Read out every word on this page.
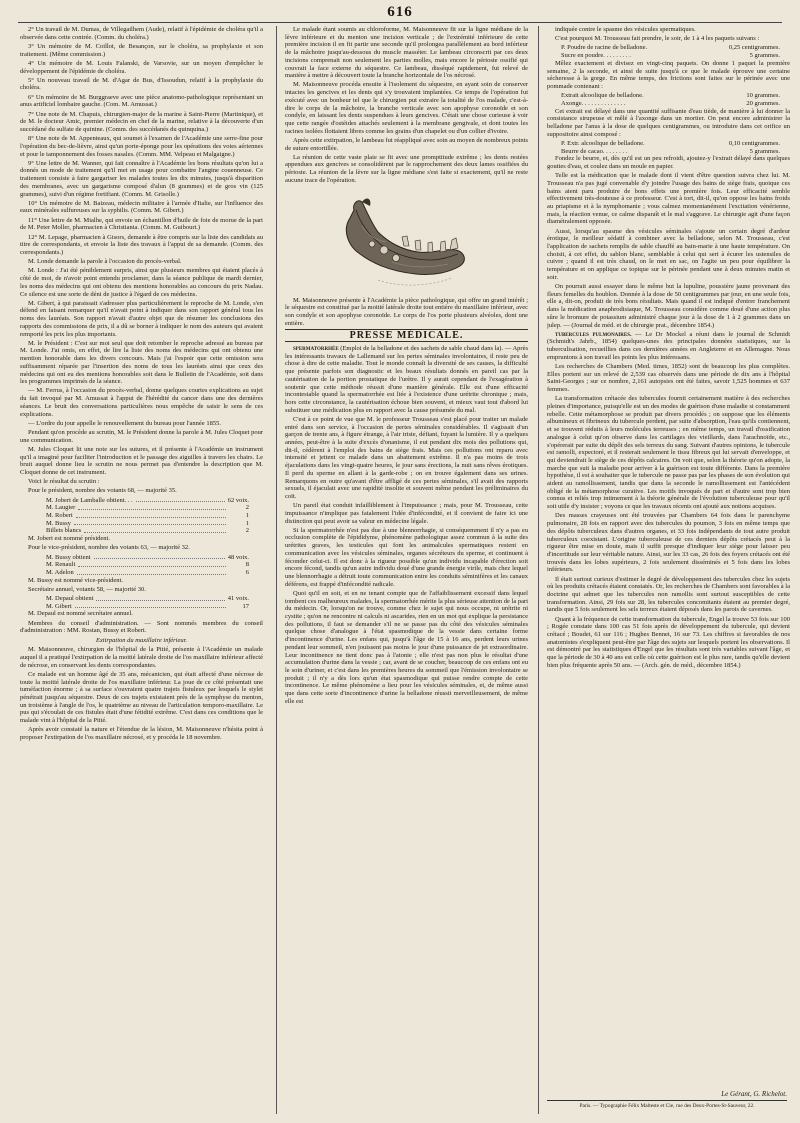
616

2° Un travail de M. Dumas, de Villegailhem (Aude), relatif à l'épidémie de choléra qu'il a observée dans cette contrée. (Comm. du choléra.)

3° Un mémoire de M. Coillot, de Besançon, sur le choléra, sa prophylaxie et son traitement. (Même commission.)

4° Un mémoire de M. Louis Falanski, de Varsovie, sur un moyen d'empêcher le développement de l'épidémie de choléra.

5° Un nouveau travail de M. d'Agar de Bus, d'Issoudun, relatif à la prophylaxie du choléra.

6° Un mémoire de M. Burggraeve avec une pièce anatomo-pathologique représentant un anus artificiel lombaire gauche. (Com. M. Amussat.)

7° Une note de M. Chapuis, chirurgien-major de la marine à Saint-Pierre (Martinique), et de M. le docteur Amic, premier médecin en chef de la marine, relative à la découverte d'un succédané du sulfate de quinine. (Comm. des succédanés du quinquina.)

8° Une note de M. Appenteaux, qui soumet à l'examen de l'Académie une serre-fine pour l'opération du bec-de-lièvre, ainsi qu'un porte-éponge pour les opérations des voies aériennes et pour le tamponnement des fosses nasales. (Comm. MM. Velpeau et Malgaigne.)

9° Une lettre de M. Wanner, qui fait connaître à l'Académie les bons résultats qu'on lui a donnés un mode de traitement qu'il met en usage pour combattre l'angine couenneuse. Ce traitement consiste à faire gargariser les malades toutes les dix minutes, jusqu'à disparition des membranes, avec un gargarisme composé d'alun (8 grammes) et de gros vin (125 grammes), suivi d'un régime fortifiant. (Comm. M. Grisolle.)

10° Un mémoire de M. Baizeau, médecin militaire à l'armée d'Italie, sur l'influence des eaux minérales sulfureuses sur la syphilis. (Comm. M. Gibert.)

11° Une lettre de M. Mialhe, qui envoie un échantillon d'huile de foie de morue de la part de M. Peter Moller, pharmacien à Christiania. (Comm. M. Guibourt.)

12° M. Lepage, pharmacien à Gisors, demande à être compris sur la liste des candidats au titre de correspondants, et envoie la liste des travaux à l'appui de sa demande. (Comm. des correspondants.)

M. Londe demande la parole à l'occasion du procès-verbal.

M. Londe : J'ai été péniblement surpris, ainsi que plusieurs membres qui étaient placés à côté de moi, de n'avoir point entendu proclamer, dans la séance publique de mardi dernier, les noms des médecins qui ont obtenu des mentions honorables au concours du prix Nadau. Ce silence est une sorte de déni de justice à l'égard de ces médecins.

M. Gibert, à qui paraissait s'adresser plus particulièrement le reproche de M. Londe, s'en défend en faisant remarquer qu'il n'avait point à indiquer dans son rapport général tous les noms des lauréats. Son rapport n'avait d'autre objet que de résumer les conclusions des rapports des commissions de prix, il a dû se borner à indiquer le nom des auteurs qui avaient remporté les prix les plus importants.

M. le Président : C'est sur moi seul que doit retomber le reproche adressé au bureau par M. Londe. J'ai omis, en effet, de lire la liste des noms des médecins qui ont obtenu une mention honorable dans les divers concours. Mais j'ai l'espoir que cette omission sera suffisamment réparée par l'insertion des noms de tous les lauréats ainsi que ceux des médecins qui ont eu des mentions honorables soit dans le Bulletin de l'Académie, soit dans les programmes imprimés de la séance.

— M. Ferrus, à l'occasion du procès-verbal, donne quelques courtes explications au sujet du fait invoqué par M. Amussat à l'appui de l'hérédité du cancer dans une des dernières séances. Le bruit des conversations particulières nous empêche de saisir le sens de ces explications.

— L'ordre du jour appelle le renouvellement du bureau pour l'année 1855.

Pendant qu'on procède au scrutin, M. le Président donne la parole à M. Jules Cloquet pour une communication.

M. Jules Cloquet lit une note sur les sutures, et il présente à l'Académie un instrument qu'il a imaginé pour faciliter l'introduction et le passage des aiguilles à travers les chairs. Le bruit auquel donne lieu le scrutin ne nous permet pas d'entendre la description que M. Cloquet donne de cet instrument.

Voici le résultat du scrutin :

Pour le président, nombre des votants 68, — majorité 35.

M. Jobert de Lamballe obtient. . .	62 voix.
M. Laugier	2
M. Robert	1
M. Bussy	1
Billets blancs	2

M. Jobert est nommé président.

Pour le vice-président, nombre des votants 63, — majorité 32.

M. Bussy obtient	48 voix.
M. Renault	8
M. Adelon	6

M. Bussy est nommé vice-président.

Secrétaire annuel, votants 58, — majorité 30.

M. Depaul obtient	41 voix.
M. Gibert	17

M. Depaul est nommé secrétaire annuel.

Membres du conseil d'administration. — Sont nommés membres du conseil d'administration : MM. Rostan, Bussy et Robert.

Extirpation du maxillaire inférieur.

M. Maisonneuve, chirurgien de l'hôpital de la Pitié, présente à l'Académie un malade auquel il a pratiqué l'extirpation de la moitié latérale droite de l'os maxillaire inférieur affecté de nécrose, en conservant les dents correspondantes.

Ce malade est un homme âgé de 35 ans, mécanicien, qui était affecté d'une nécrose de toute la moitié latérale droite de l'os maxillaire inférieur. La joue de ce côté présentait une tuméfaction énorme ; à sa surface s'ouvraient quatre trajets fistuleux par lesquels le stylet pénétrait jusqu'au séquestre. Deux de ces trajets existaient près de la symphyse du menton, un troisième à l'angle de l'os, le quatrième au niveau de l'articulation temporo-maxillaire. Le pus qui s'écoulait de ces fistules était d'une fétidité extrême. C'est dans ces conditions que le malade vint à l'hôpital de la Pitié.

Après avoir constaté la nature et l'étendue de la lésion, M. Maisonneuve n'hésita point à proposer l'extirpation de l'os maxillaire nécrosé, et y procéda le 18 novembre.

Le malade étant soumis au chloroforme, M. Maisonneuve fit sur la ligne médiane de la lèvre inférieure et du menton une incision verticale ; de l'extrémité inférieure de cette première incision il en fit partir une seconde qu'il prolongea parallèlement au bord inférieur de la mâchoire jusqu'au-dessous du muscle masséter. Le lambeau circonscrit par ces deux incisions comprenait non seulement les parties molles, mais encore le périoste ossifié qui couvrait la face externe du séquestre. Ce lambeau, disséqué rapidement, fut relevé de manière à mettre à découvert toute la branche horizontale de l'os nécrosé.

M. Maisonneuve procéda ensuite à l'isolement du séquestre, en ayant soin de conserver intactes les gencives et les dents qui s'y trouvaient implantées. Ce temps de l'opération fut exécuté avec un bonheur tel que le chirurgien put extraire la totalité de l'os malade, c'est-à-dire le corps de la mâchoire, la branche verticale avec son apophyse coronoïde et son condyle, en laissant les dents suspendues à leurs gencives. C'était une chose curieuse à voir que cette rangée d'ostéides attachés seulement à la membrane gengivale, et dont toutes les racines isolées flottaient libres comme les grains d'un chapelet ou d'un collier d'ivoire.

Après cette extirpation, le lambeau fut réappliqué avec soin au moyen de nombreux points de suture entortillée.

La réunion de cette vaste plaie se fit avec une promptitude extrême ; les dents restées appendues aux gencives se consolidèrent par le rapprochement des deux lames ossifiées du périoste. La réunion de la lèvre sur la ligne médiane s'est faite si exactement, qu'il ne reste aucune trace de l'opération.

M. Maisonneuve présente à l'Académie la pièce pathologique, qui offre un grand intérêt ; le séquestre est constitué par la moitié latérale droite tout entière du maxillaire inférieur, avec son condyle et son apophyse coronoïde. Le corps de l'os porte plusieurs alvéoles, dont une entière.

PRESSE MÉDICALE.

spermatorrhée (Emploi de la belladone et des sachets de sable chaud dans la). — Après les intéressants travaux de Lallemand sur les pertes séminales involontaires, il reste peu de chose à dire de cette maladie. Tout le monde connaît la diversité de ses causes, la difficulté que présente parfois son diagnostic et les beaux résultats donnés en pareil cas par la cautérisation de la portion prostatique de l'urètre. Il y aurait cependant de l'exagération à soutenir que cette méthode réussit d'une manière générale. Elle est d'une efficacité incontestable quand la spermatorrhée est liée à l'existence d'une urétrite chronique ; mais, hors cette circonstance, la cautérisation échoue bien souvent, et mieux vaut tout d'abord lui substituer une médication plus en rapport avec la cause présumée du mal.

C'est à ce point de vue que M. le professeur Trousseau s'est placé pour traiter un malade entré dans son service, à l'occasion de pertes séminales considérables. Il s'agissait d'un garçon de trente ans, à figure étrange, à l'air triste, défiant, fuyant la lumière. Il y a quelques années, peut-être à la suite d'excès d'onanisme, il eut pendant dix mois des pollutions qui, dit-il, cédèrent à l'emploi des bains de siège frais. Mais ces pollutions ont reparu avec intensité et jettent ce malade dans un abattement extrême. Il n'a pas moins de trois éjaculations dans les vingt-quatre heures, le jour sans érections, la nuit sans rêves érotiques. Il perd du sperme en allant à la garde-robe ; on en trouve également dans ses urines. Remarquons en outre qu'avant d'être affligé de ces pertes séminales, s'il avait des rapports sexuels, il éjaculait avec une rapidité insolite et souvent même pendant les préliminaires du coït.

Un pareil état conduit infailliblement à l'impuissance ; mais, pour M. Trousseau, cette impuissance n'implique pas fatalement l'idée d'infécondité, et il convient de faire ici une distinction qui peut avoir sa valeur en médecine légale.

Si la spermatorrhée n'est pas due à une blennorrhagie, si conséquemment il n'y a pas eu occlusion complète de l'épididyme, phénomène pathologique assez commun à la suite des urétrites graves, les testicules qui font les animalcules spermatiques restent en communication avec les vésicules séminales, organes sécréteurs du sperme, et continuent à féconder celui-ci. Il est donc à la rigueur possible qu'un individu incapable d'érection soit encore fécond, tandis qu'un autre individu doué d'une grande énergie virile, mais chez lequel une blennorrhagie a détruit toute communication entre les conduits séminifères et les canaux déférens, est frappé d'infécondité radicale.

Quoi qu'il en soit, et en ne tenant compte que de l'affaiblissement excessif dans lequel tombent ces malheureux malades, la spermatorrhée mérite la plus sérieuse attention de la part du médecin. Or, lorsqu'on ne trouve, comme chez le sujet qui nous occupe, ni urétrite ni cystite ; qu'on ne rencontre ni calculs ni ascarides, rien en un mot qui explique la persistance des pollutions, il faut se demander s'il ne se passe pas du côté des vésicules séminales quelque chose d'analogue à l'état spasmodique de la vessie dans certaine forme d'incontinence d'urine. Les enfans qui, jusqu'à l'âge de 15 à 16 ans, perdent leurs urines pendant leur sommeil, n'en jouissent pas moins le jour d'une puissance de jet extraordinaire. Leur incontinence ne tient donc pas à l'atonie ; elle n'est pas non plus le résultat d'une accumulation d'urine dans la vessie ; car, avant de se coucher, beaucoup de ces enfans ont eu le soin d'uriner, et c'est dans les premières heures du sommeil que l'émission involontaire se produit ; il n'y a dès lors qu'un état spasmodique qui puisse rendre compte de cette incontinence. Le même phénomène a lieu pour les vésicules séminales, et, de même aussi que dans cette sorte d'incontinence d'urine la belladone réussit merveilleusement, de même elle est

indiquée contre le spasme des vésicules spermatiques.

C'est pourquoi M. Trousseau fait prendre, le soir, de 1 à 4 les paquets suivans :

P. Poudre de racine de belladone.	0,25 centigrammes.
Sucre en poudre. . . . . . . . .	5 grammes.

Mêlez exactement et divisez en vingt-cinq paquets. On donne 1 paquet la première semaine, 2 la seconde, et ainsi de suite jusqu'à ce que le malade éprouve une certaine sécheresse à la gorge. En même temps, des frictions sont faites sur le périnée avec une pommade contenant :

Extrait alcoolique de belladone.	10 grammes.
Axonge. . . . . . . . . . . . . .	20 grammes.

Cet extrait est délayé dans une quantité suffisante d'eau tiède, de manière à lui donner la consistance sirupeuse et mêlé à l'axonge dans un mortier. On peut encore administrer la belladone par l'anus à la dose de quelques centigrammes, ou introduire dans cet orifice un suppositoire ainsi composé :

P. Extr. alcoolique de belladone.	0,10 centigrammes.
Beurre de cacao. . . . . . . .	5 grammes.

Fondez le beurre, et, dès qu'il est un peu refroidi, ajoutez-y l'extrait délayé dans quelques gouttes d'eau, et coulez dans un moule en papier.

Telle est la médication que le malade dont il vient d'être question suivra chez lui. M. Trousseau n'a pas jugé convenable d'y joindre l'usage des bains de siège frais, quoique ces bains aient paru produire de bons effets une première fois. Leur efficacité semble effectivement très-douteuse à ce professeur. C'est à tort, dit-il, qu'on oppose les bains froids au priapisme et à la nymphomanie ; vous calmez momentanément l'excitation vénérienne, mais, la réaction venue, ce calme disparaît et le mal s'aggrave. Le chirurgie agit d'une façon diamétralement opposée.

Aussi, lorsqu'au spasme des vésicules séminales s'ajoute un certain degré d'ardeur érotique, le meilleur sédatif à combiner avec la belladone, selon M. Trousseau, c'est l'application de sachets remplis de sable chauffé au bain-marie à une haute température. On choisit, à cet effet, du sablon blanc, semblable à celui qui sert à écurer les ustensiles de cuivre ; quand il est très chaud, on le met en sac, on l'agite un peu pour équilibrer la température et on applique ce topique sur le périnée pendant une à deux minutes matin et soir.

On pourrait aussi essayer dans le même but la lupuline, poussière jaune provenant des fleurs femelles du houblon. Donnée à la dose de 50 centigrammes par jour, en une seule fois, elle a, dit-on, produit de très bons résultats. Mais quand il est indiqué d'entrer franchement dans la médication anaphrodisiaque, M. Trousseau considère comme doué d'une action plus sûre le bromure de potassium administré chaque jour à la dose de 1 à 2 grammes dans un julep. — (Journal de méd. et de chirurgie prat., décembre 1854.)

tubercules pulmonaires. — Le Dr Mockel a réuni dans le journal de Schmidt (Schmidt's Jahrb., 1854) quelques-unes des principales données statistiques, sur la tuberculisation, recueillies dans ces dernières années en Angleterre et en Allemagne. Nous empruntons à son travail les points les plus intéressans.

Les recherches de Chambers (Med. times, 1852) sont de beaucoup les plus complètes. Elles portent sur un relevé de 2,539 cas observés dans une période de dix ans à l'hôpital Saint-Georges ; sur ce nombre, 2,161 autopsies ont été faites, savoir 1,525 hommes et 637 femmes.

La transformation crétacée des tubercules fournit certainement matière à des recherches pleines d'importance, puisqu'elle est un des modes de guérison d'une maladie si constamment rebelle. Cette métamorphose se produit par divers procédés ; on suppose que les éléments albumineux et fibrineux du tubercule perdent, par suite d'absorption, l'eau qu'ils contiennent, et se trouvent réduits à leurs molécules terreuses ; en même temps, un travail d'ossification analogue à celui qu'on observe dans les cartilages des vieillards, dans l'arachnoïde, etc., s'opérerait par suite du dépôt des sels terreux du sang. Suivant d'autres opinions, le tubercule est ramolli, expectoré, et il resterait seulement le tissu fibreux qui lui servait d'enveloppe, et qui deviendrait le siège de ces dépôts calcaires. On voit que, selon la théorie qu'on adopte, la marche que suit la maladie pour arriver à la guérison est toute différente. Dans la première hypothèse, il est à souhaiter que le tubercule ne passe pas par les phases de son évolution qui aident au ramollissement, tandis que dans la seconde le ramollissement est l'antécédent obligé de la métamorphose curative. Les motifs invoqués de part et d'autre sont trop bien connus et reliés trop intimement à la théorie générale de l'évolution tuberculeuse pour qu'il soit utile d'y insister ; voyons ce que les travaux récents ont ajouté aux notions acquises.

Des masses crayeuses ont été trouvées par Chambers 64 fois dans le parenchyme pulmonaire, 28 fois en rapport avec des tubercules du poumon, 3 fois en même temps que des dépôts tuberculeux dans d'autres organes, et 33 fois indépendants de tout autre produit tuberculeux coexistant. L'origine tuberculeuse de ces derniers dépôts crétacés peut à la rigueur être mise en doute, mais il suffit presque d'indiquer leur siège pour laisser peu d'incertitude sur leur véritable nature. Ainsi, sur les 33 cas, 26 fois des foyers crétacés ont été trouvés dans les lobes supérieurs, 2 fois seulement disséminés et 5 fois dans les lobes inférieurs.

Il était surtout curieux d'estimer le degré de développement des tubercules chez les sujets où les produits crétacés étaient constatés. Or, les recherches de Chambers sont favorables à la doctrine qui admet que les tubercules non ramollis sont surtout susceptibles de cette transformation. Ainsi, 29 fois sur 28, les tubercules concomitants étaient au premier degré, tandis que 5 fois seulement les sels terreux étaient déposés dans les parois de cavernes.

Quant à la fréquence de cette transformation du tubercule, Engel la trouve 53 fois sur 100 ; Rogée constate dans 100 cas 51 fois après de développement du tubercule, qui devient crétacé ; Boudet, 61 sur 116 ; Hughes Bennet, 16 sur 73. Les chiffres si favorables de nos anatomistes s'expliquent peut-être par l'âge des sujets sur lesquels portent les observations. Il est démontré par les statistiques d'Engel que les résultats sont très variables suivant l'âge, et que la période de 30 à 40 ans est celle où cette guérison est le plus rare, tandis qu'elle devient bien plus fréquente après 50 ans. — (Arch. gén. de méd., décembre 1854.)

Le Gérant, G. Richelot.
Paris. — Typographie Félix Malteste et Cie, rue des Deux-Portes-St-Sauveur, 22.
